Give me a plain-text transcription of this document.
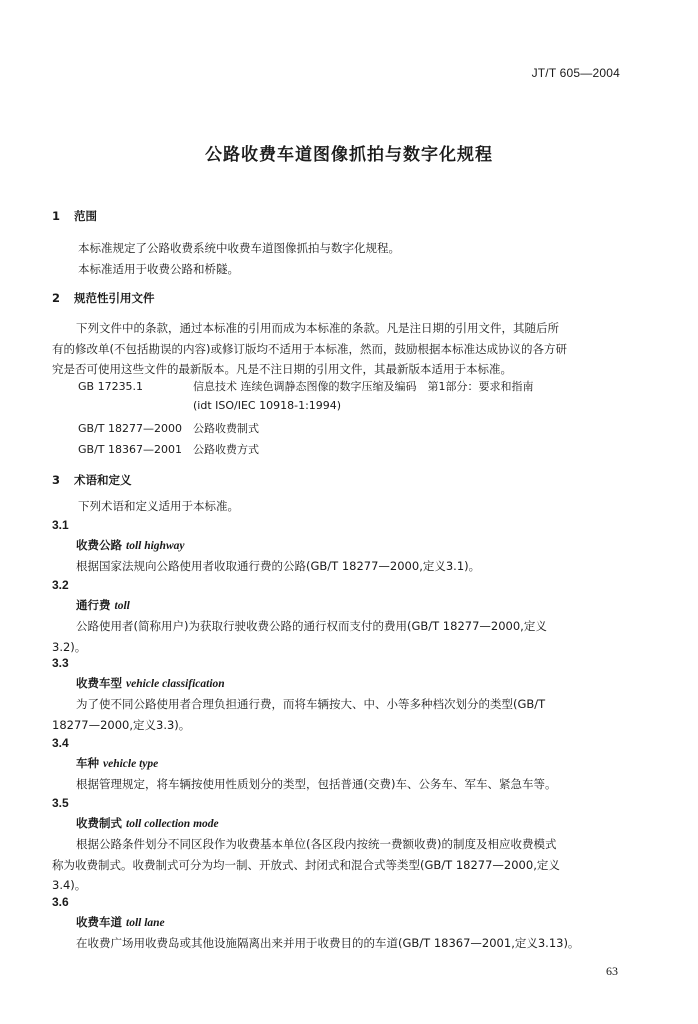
JT/T 605—2004
公路收费车道图像抓拍与数字化规程
1 范围
本标准规定了公路收费系统中收费车道图像抓拍与数字化规程。
本标准适用于收费公路和桥隧。
2 规范性引用文件
下列文件中的条款，通过本标准的引用而成为本标准的条款。凡是注日期的引用文件，其随后所
有的修改单(不包括勘误的内容)或修订版均不适用于本标准，然而，鼓励根据本标准达成协议的各方研
究是否可使用这些文件的最新版本。凡是不注日期的引用文件，其最新版本适用于本标准。
GB 17235.1	信息技术 连续色调静态图像的数字压缩及编码　第1部分：要求和指南
(idt ISO/IEC 10918-1:1994)
GB/T 18277—2000 公路收费制式
GB/T 18367—2001 公路收费方式
3 术语和定义
下列术语和定义适用于本标准。
3.1
收费公路 toll highway
根据国家法规向公路使用者收取通行费的公路(GB/T 18277—2000,定义3.1)。
3.2
通行费 toll
公路使用者(简称用户)为获取行驶收费公路的通行权而支付的费用(GB/T 18277—2000,定义
3.2)。
3.3
收费车型 vehicle classification
为了使不同公路使用者合理负担通行费，而将车辆按大、中、小等多种档次划分的类型(GB/T
18277—2000,定义3.3)。
3.4
车种 vehicle type
根据管理规定，将车辆按使用性质划分的类型，包括普通(交费)车、公务车、军车、紧急车等。
3.5
收费制式 toll collection mode
根据公路条件划分不同区段作为收费基本单位(各区段内按统一费额收费)的制度及相应收费模式
称为收费制式。收费制式可分为均一制、开放式、封闭式和混合式等类型(GB/T 18277—2000,定义
3.4)。
3.6
收费车道 toll lane
在收费广场用收费岛或其他设施隔离出来并用于收费目的的车道(GB/T 18367—2001,定义3.13)。
63
